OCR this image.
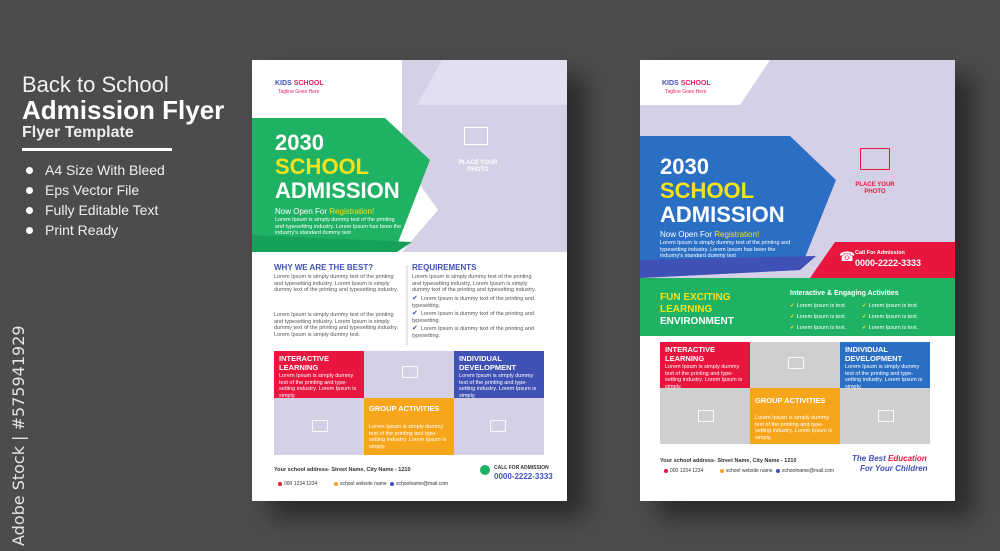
Back to School
Admission Flyer
Flyer Template
A4 Size With Bleed
Eps Vector File
Fully Editable Text
Print Ready
Adobe Stock | #575941929
KIDS SCHOOL
Tagline Goes Here
PLACE YOUR PHOTO
2030
SCHOOL
ADMISSION
Now Open For Registration!
Lorem Ipsum is simply dummy text of the printing and typesetting industry. Lorem Ipsum has been the industry's standard dummy text
WHY WE ARE THE BEST?
Lorem Ipsum is simply dummy text of the printing and typesetting industry. Lorem Ipsum is simply dummy text of the printing and typesetting industry.
Lorem Ipsum is simply dummy text of the printing and typesetting industry. Lorem Ipsum is simply dummy text of the printing and typesetting industry. Lorem Ipsum is simply dummy text.
REQUIREMENTS
Lorem Ipsum is simply dummy text of the printing and typesetting industry. Lorem Ipsum is simply dummy text of the printing and typesetting industry.
✔ Lorem Ipsum is dummy text of the printing and typesetting.
✔ Lorem Ipsum is dummy text of the printing and typesetting.
✔ Lorem Ipsum is dummy text of the printing and typesetting.
INTERACTIVE LEARNING
Lorem Ipsum is simply dummy text of the printing and type-setting industry. Lorem Ipsum is simply.
INDIVIDUAL DEVELOPMENT
Lorem Ipsum is simply dummy text of the printing and type-setting industry. Lorem Ipsum is simply.
GROUP ACTIVITIES
Lorem Ipsum is simply dummy text of the printing and type-setting industry. Lorem Ipsum is simply.
Your school address- Street Name, City Name - 1210
000 1234 1234	school website name schoolname@mail.com
CALL FOR ADMISSION
0000-2222-3333
KIDS SCHOOL
Tagline Goes Here
PLACE YOUR PHOTO
2030
SCHOOL
ADMISSION
Now Open For Registration!
Lorem Ipsum is simply dummy text of the printing and typesetting industry. Lorem Ipsum has been the industry's standard dummy text	☎ Call For Admission
0000-2222-3333
FUN EXCITING
LEARNING
ENVIRONMENT
Interactive & Engaging Activities
✔ Lorem Ipsum is text.	✔ Lorem Ipsum is text.
✔ Lorem Ipsum is text.	✔ Lorem Ipsum is text.
✔ Lorem Ipsum is text.	✔ Lorem Ipsum is text.
INTERACTIVE LEARNING
Lorem Ipsum is simply dummy text of the printing and type-setting industry. Lorem Ipsum is simply.
INDIVIDUAL DEVELOPMENT
Lorem Ipsum is simply dummy text of the printing and type-setting industry. Lorem Ipsum is simply.
GROUP ACTIVITIES
Lorem Ipsum is simply dummy text of the printing and type-setting industry. Lorem Ipsum is simply.
Your school address- Street Name, City Name - 1210
000 1234 1234	school website name schoolname@mail.com
The Best Education
For Your Children
